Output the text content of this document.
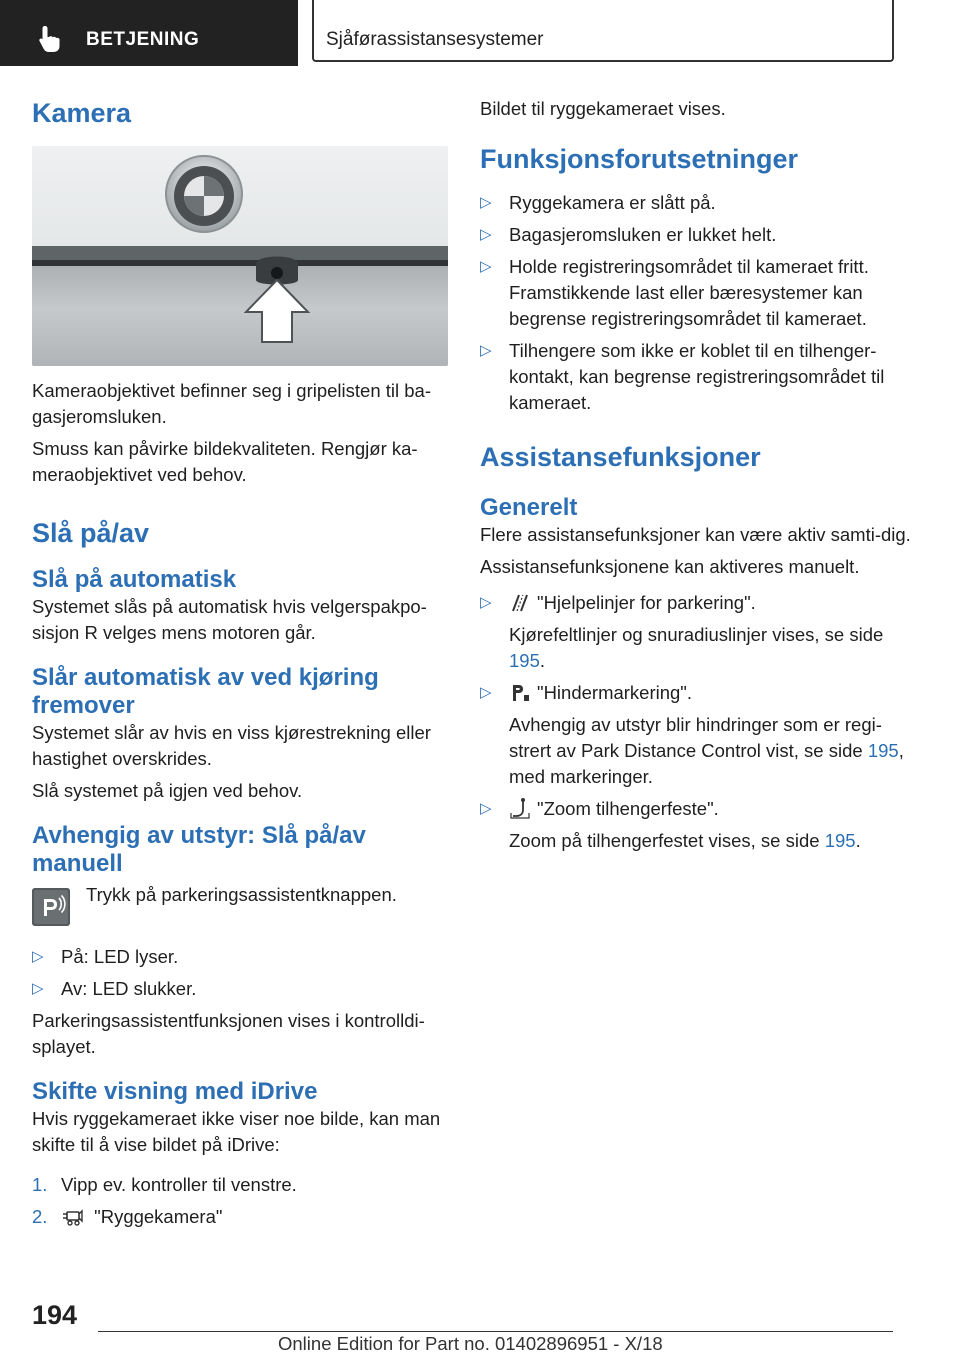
BETJENING	Sjåførassistansesystemer
Kamera

Kameraobjektivet befinner seg i gripelisten til ba-gasjeromsluken.

Smuss kan påvirke bildekvaliteten. Rengjør ka-meraobjektivet ved behov.

Slå på/av
Slå på automatisk

Systemet slås på automatisk hvis velgerspakpo-sisjon R velges mens motoren går.

Slår automatisk av ved kjøring fremover

Systemet slår av hvis en viss kjørestrekning eller hastighet overskrides.

Slå systemet på igjen ved behov.

Avhengig av utstyr: Slå på/av manuell

Trykk på parkeringsassistentknappen.

▷ På: LED lyser.
▷ Av: LED slukker.

Parkeringsassistentfunksjonen vises i kontrolldi-splayet.

Skifte visning med iDrive

Hvis ryggekameraet ikke viser noe bilde, kan man skifte til å vise bildet på iDrive:

1. Vipp ev. kontroller til venstre.
2.	"Ryggekamera"

Bildet til ryggekameraet vises.

Funksjonsforutsetninger
▷ Ryggekamera er slått på.
▷ Bagasjeromsluken er lukket helt.
▷ Holde registreringsområdet til kameraet fritt. Framstikkende last eller bæresystemer kan begrense registreringsområdet til kameraet.
▷ Tilhengere som ikke er koblet til en tilhenger-kontakt, kan begrense registreringsområdet til kameraet.
Assistansefunksjoner
Generelt

Flere assistansefunksjoner kan være aktiv samti-dig.

Assistansefunksjonene kan aktiveres manuelt.

▷ "Hjelpelinjer for parkering".
Kjørefeltlinjer og snuradiuslinjer vises, se side 195.
▷ "Hindermarkering".
Avhengig av utstyr blir hindringer som er regi-strert av Park Distance Control vist, se side 195, med markeringer.
▷ "Zoom tilhengerfeste".
Zoom på tilhengerfestet vises, se side 195.
194
Online Edition for Part no. 01402896951 - X/18
